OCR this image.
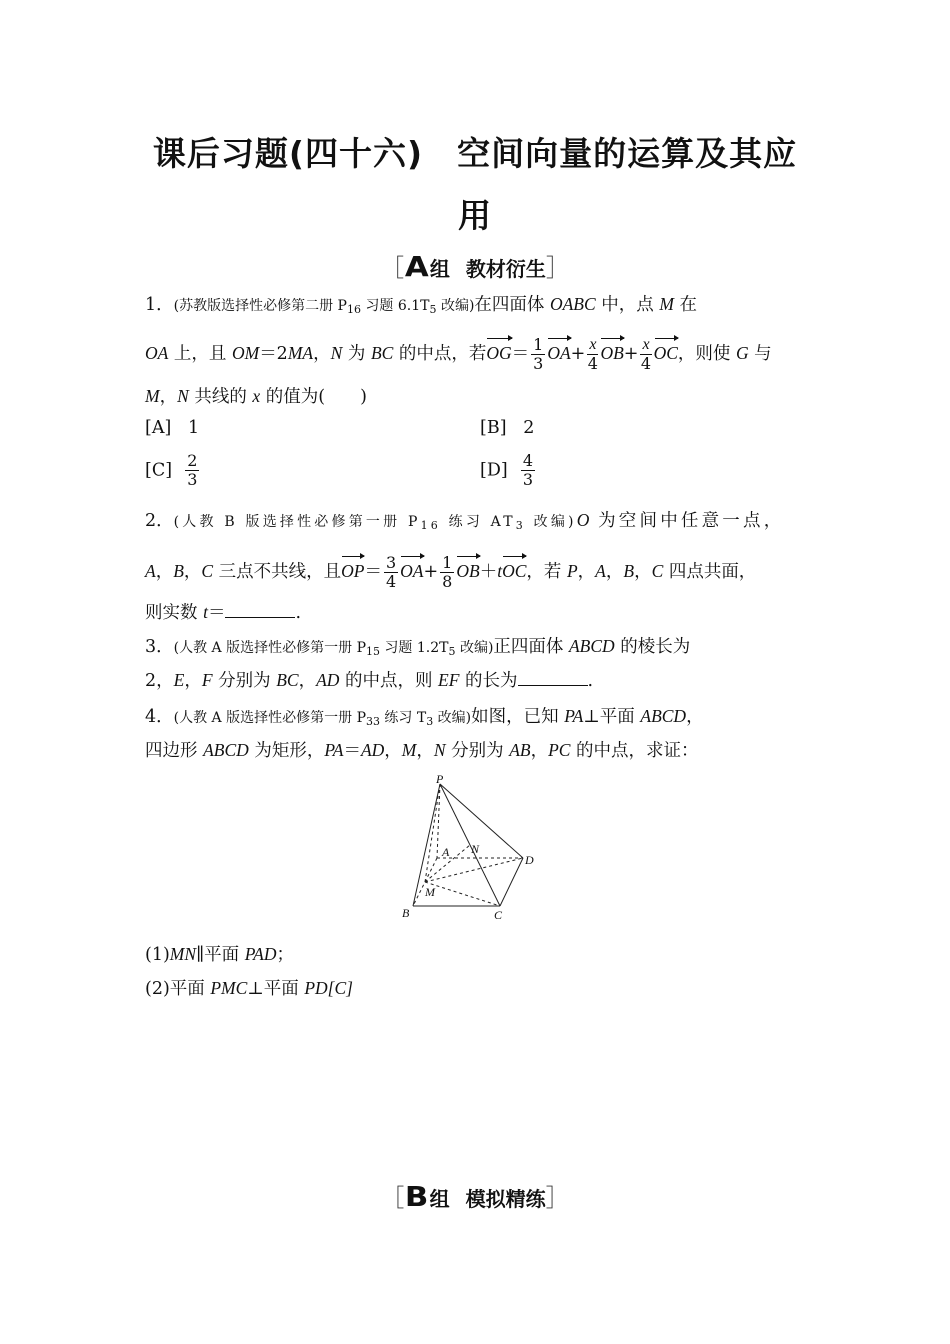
课后习题(四十六)　空间向量的运算及其应
用
［A组 教材衍生］
1．(苏教版选择性必修第二册 $P_{16}$ 习题 $6.1T_5$ 改编)在四面体 OABC 中，点 M 在
OA 上，且 OM＝2MA，N 为 BC 的中点，若$OG= \frac{1}{3} OA+ \frac{x}{4} OB+ \frac{x}{4}$ OC，则使 G 与
M，N 共线的 x 的值为(　　)
[A] 1	[B] 2
$[C] \frac{2}{3}$	$[D] \frac{4}{3}$
2．(人教 B 版选择性必修第一册 $P_{16}$ 练习 $AT_3$ 改编)O 为空间中任意一点，
A，B，C 三点不共线，且$OP= \frac{3}{4} OA+ \frac{1}{8} OB+tOC$，若 P，A，B，C 四点共面，
则实数 t＝	.
3．(人教 A 版选择性必修第一册 $P_{15}$ 习题 $1.2T_5$ 改编)正四面体 ABCD 的棱长为
2，E，F 分别为 BC，AD 的中点，则 EF 的长为	.
4．(人教 A 版选择性必修第一册 $P_{33}$ 练习 $T_3$ 改编)如图，已知 PA⊥平面 ABCD，
四边形 ABCD 为矩形，PA＝AD，M，N 分别为 AB，PC 的中点，求证：
P
A N
D
M
B	C
(1)MN∥平面 PAD；
(2)平面 PMC⊥平面 PD[C]
［B组 模拟精练］
